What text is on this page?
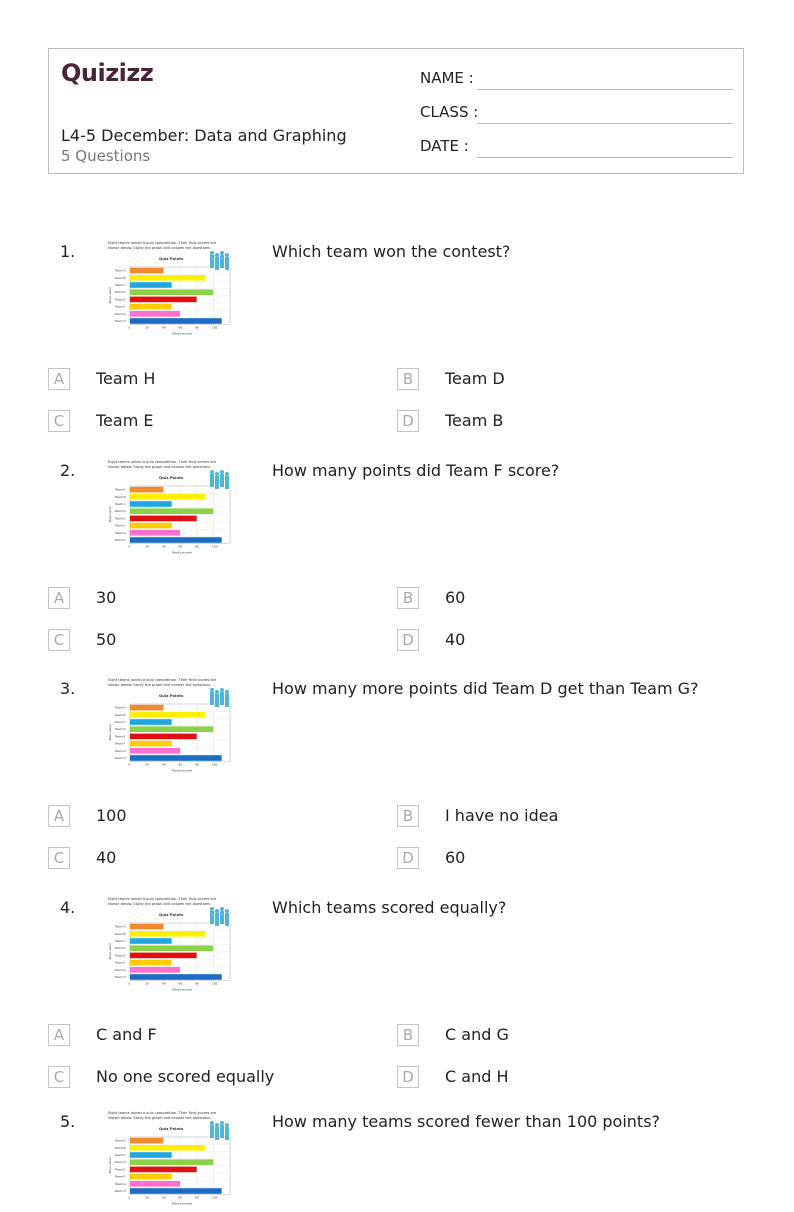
Quizizz
L4-5 December: Data and Graphing
5 Questions
NAME :
CLASS :
DATE :
1.	Eight teams joined a quiz competition. Their final scores are
shown below. Study the graph and answer the questions.
Quiz Points
0	20	40	60	80	100
Team A
Team B
Team C
Team D
Team E
Team F
Team G
Team H
Team name
Points scored
Which team won the contest?
A	Team H	B	Team D
C	Team E	D	Team B
2.	Eight teams joined a quiz competition. Their final scores are
shown below. Study the graph and answer the questions.
Quiz Points
0	20	40	60	80	100
Team A
Team B
Team C
Team D
Team E
Team F
Team G
Team H
Team name
Points scored
How many points did Team F score?
A	30	B	60
C	50	D	40
3.	Eight teams joined a quiz competition. Their final scores are
shown below. Study the graph and answer the questions.
Quiz Points
0	20	40	60	80	100
Team A
Team B
Team C
Team D
Team E
Team F
Team G
Team H
Team name
Points scored
How many more points did Team D get than Team G?
A	100	B	I have no idea
C	40	D	60
4.	Eight teams joined a quiz competition. Their final scores are
shown below. Study the graph and answer the questions.
Quiz Points
0	20	40	60	80	100
Team A
Team B
Team C
Team D
Team E
Team F
Team G
Team H
Team name
Points scored
Which teams scored equally?
A	C and F	B	C and G
C	No one scored equally	D	C and H
5.	Eight teams joined a quiz competition. Their final scores are
shown below. Study the graph and answer the questions.
Quiz Points
0	20	40	60	80	100
Team A
Team B
Team C
Team D
Team E
Team F
Team G
Team H
Team name
Points scored
How many teams scored fewer than 100 points?
